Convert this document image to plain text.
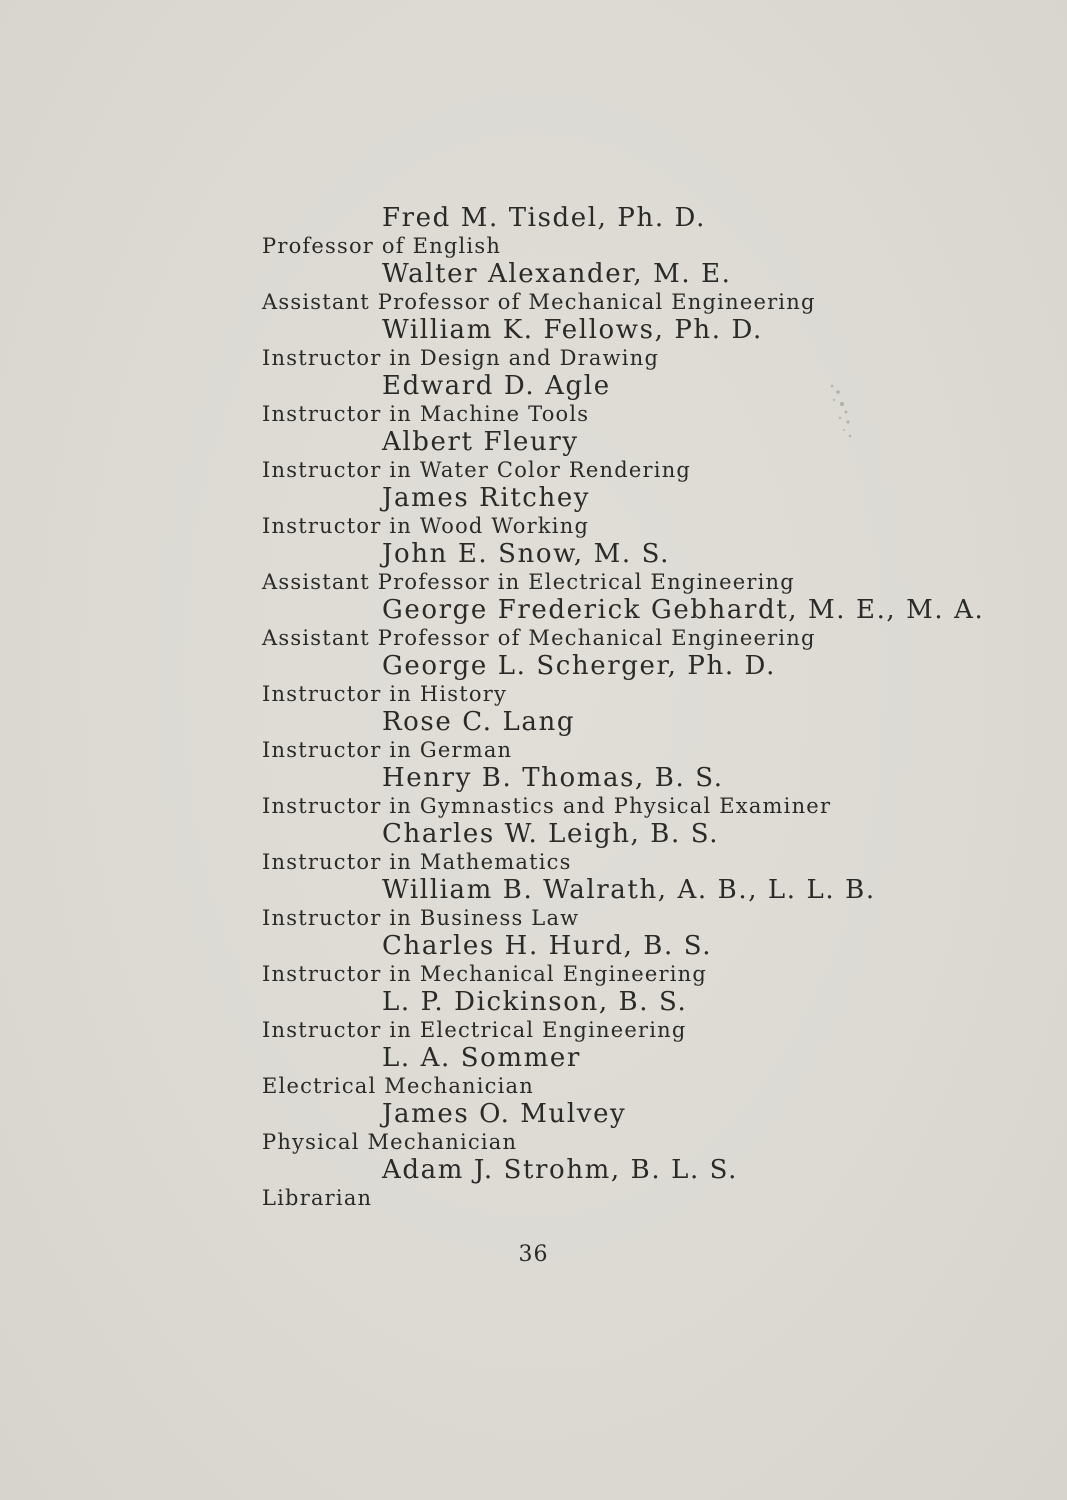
Fred M. Tisdel, Ph. D.
Professor of English
Walter Alexander, M. E.
Assistant Professor of Mechanical Engineering
William K. Fellows, Ph. D.
Instructor in Design and Drawing
Edward D. Agle
Instructor in Machine Tools
Albert Fleury
Instructor in Water Color Rendering
James Ritchey
Instructor in Wood Working
John E. Snow, M. S.
Assistant Professor in Electrical Engineering
George Frederick Gebhardt, M. E., M. A.
Assistant Professor of Mechanical Engineering
George L. Scherger, Ph. D.
Instructor in History
Rose C. Lang
Instructor in German
Henry B. Thomas, B. S.
Instructor in Gymnastics and Physical Examiner
Charles W. Leigh, B. S.
Instructor in Mathematics
William B. Walrath, A. B., L. L. B.
Instructor in Business Law
Charles H. Hurd, B. S.
Instructor in Mechanical Engineering
L. P. Dickinson, B. S.
Instructor in Electrical Engineering
L. A. Sommer
Electrical Mechanician
James O. Mulvey
Physical Mechanician
Adam J. Strohm, B. L. S.
Librarian
36
